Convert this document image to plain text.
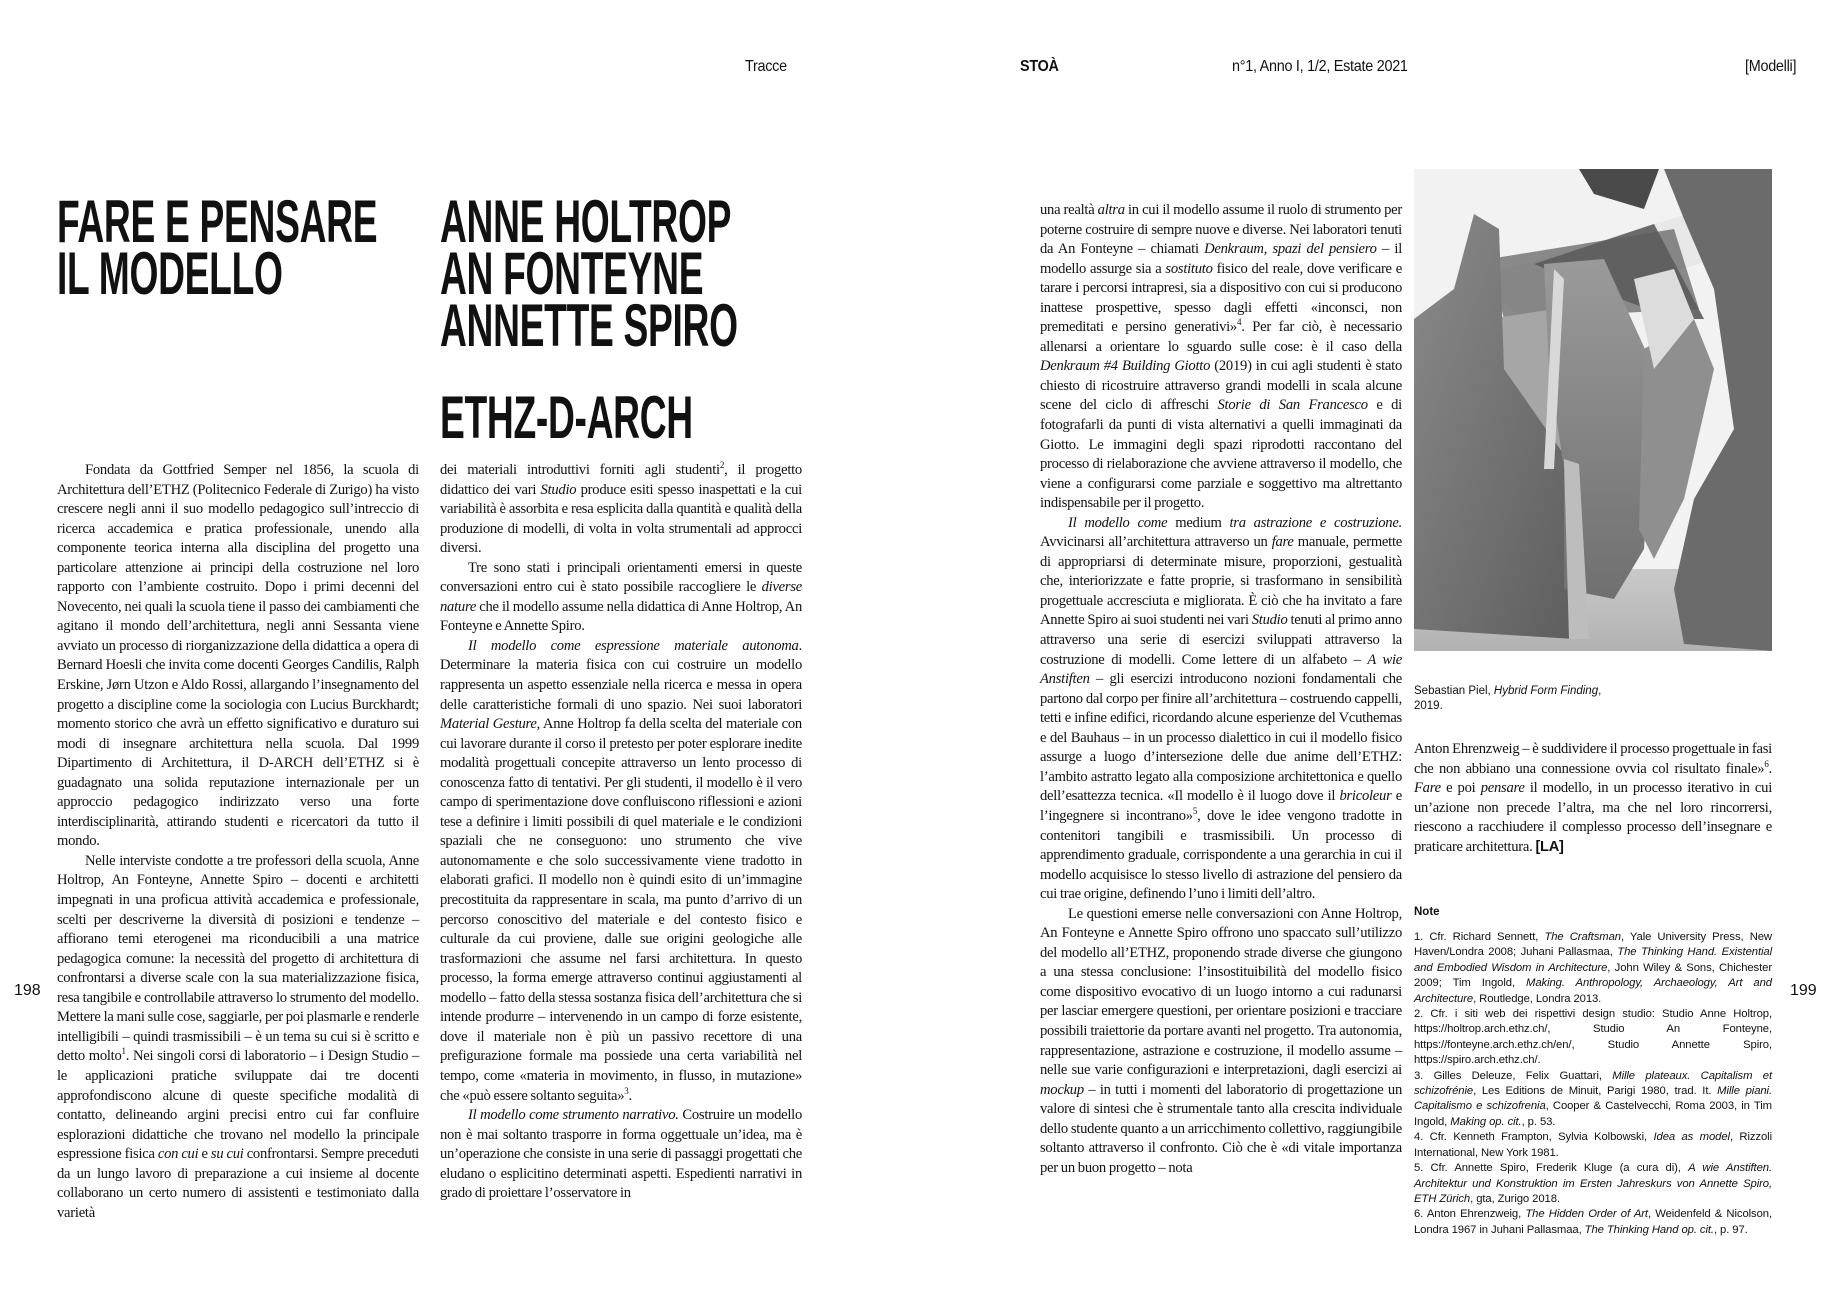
Tracce	STOÀ	n°1, Anno I, 1/2, Estate 2021	[Modelli]
198	199
FARE E PENSARE
IL MODELLO
ANNE HOLTROP
AN FONTEYNE
ANNETTE SPIRO
ETHZ-D-ARCH

Fondata da Gottfried Semper nel 1856, la scuola di Architettura dell’ETHZ (Politecnico Federale di Zurigo) ha visto crescere negli anni il suo modello pedagogico sull’intreccio di ricerca accademica e pratica professionale, unendo alla componente teorica interna alla disciplina del progetto una particolare attenzione ai principi della costruzione nel loro rapporto con l’ambiente costruito. Dopo i primi decenni del Novecento, nei quali la scuola tiene il passo dei cambiamenti che agitano il mondo dell’architettura, negli anni Sessanta viene avviato un processo di riorganizzazione della didattica a opera di Bernard Hoesli che invita come docenti Georges Candilis, Ralph Erskine, Jørn Utzon e Aldo Rossi, allargando l’insegnamento del progetto a discipline come la sociologia con Lucius Burckhardt; momento storico che avrà un effetto significativo e duraturo sui modi di insegnare architettura nella scuola. Dal 1999 Dipartimento di Architettura, il D-ARCH dell’ETHZ si è guadagnato una solida reputazione internazionale per un approccio pedagogico indirizzato verso una forte interdisciplinarità, attirando studenti e ricercatori da tutto il mondo.

Nelle interviste condotte a tre professori della scuola, Anne Holtrop, An Fonteyne, Annette Spiro – docenti e architetti impegnati in una proficua attività accademica e professionale, scelti per descriverne la diversità di posizioni e tendenze – affiorano temi eterogenei ma riconducibili a una matrice pedagogica comune: la necessità del progetto di architettura di confrontarsi a diverse scale con la sua materializzazione fisica, resa tangibile e controllabile attraverso lo strumento del modello. Mettere la mani sulle cose, saggiarle, per poi plasmarle e renderle intelligibili – quindi trasmissibili – è un tema su cui si è scritto e detto molto$^1$. Nei singoli corsi di laboratorio – i Design Studio – le applicazioni pratiche sviluppate dai tre docenti approfondiscono alcune di queste specifiche modalità di contatto, delineando argini precisi entro cui far confluire esplorazioni didattiche che trovano nel modello la principale espressione fisica con cui e su cui confrontarsi. Sempre preceduti da un lungo lavoro di preparazione a cui insieme al docente collaborano un certo numero di assistenti e testimoniato dalla varietà

dei materiali introduttivi forniti agli studenti$^2$, il progetto didattico dei vari Studio produce esiti spesso inaspettati e la cui variabilità è assorbita e resa esplicita dalla quantità e qualità della produzione di modelli, di volta in volta strumentali ad approcci diversi.

Tre sono stati i principali orientamenti emersi in queste conversazioni entro cui è stato possibile raccogliere le diverse nature che il modello assume nella didattica di Anne Holtrop, An Fonteyne e Annette Spiro.

Il modello come espressione materiale autonoma. Determinare la materia fisica con cui costruire un modello rappresenta un aspetto essenziale nella ricerca e messa in opera delle caratteristiche formali di uno spazio. Nei suoi laboratori Material Gesture, Anne Holtrop fa della scelta del materiale con cui lavorare durante il corso il pretesto per poter esplorare inedite modalità progettuali concepite attraverso un lento processo di conoscenza fatto di tentativi. Per gli studenti, il modello è il vero campo di sperimentazione dove confluiscono riflessioni e azioni tese a definire i limiti possibili di quel materiale e le condizioni spaziali che ne conseguono: uno strumento che vive autonomamente e che solo successivamente viene tradotto in elaborati grafici. Il modello non è quindi esito di un’immagine precostituita da rappresentare in scala, ma punto d’arrivo di un percorso conoscitivo del materiale e del contesto fisico e culturale da cui proviene, dalle sue origini geologiche alle trasformazioni che assume nel farsi architettura. In questo processo, la forma emerge attraverso continui aggiustamenti al modello – fatto della stessa sostanza fisica dell’architettura che si intende produrre – intervenendo in un campo di forze esistente, dove il materiale non è più un passivo recettore di una prefigurazione formale ma possiede una certa variabilità nel tempo, come «materia in movimento, in flusso, in mutazione» che «può essere soltanto seguita»$^3$.

Il modello come strumento narrativo. Costruire un modello non è mai soltanto trasporre in forma oggettuale un’idea, ma è un’operazione che consiste in una serie di passaggi progettati che eludano o esplicitino determinati aspetti. Espedienti narrativi in grado di proiettare l’osservatore in

una realtà altra in cui il modello assume il ruolo di strumento per poterne costruire di sempre nuove e diverse. Nei laboratori tenuti da An Fonteyne – chiamati Denkraum, spazi del pensiero – il modello assurge sia a sostituto fisico del reale, dove verificare e tarare i percorsi intrapresi, sia a dispositivo con cui si producono inattese prospettive, spesso dagli effetti «inconsci, non premeditati e persino generativi»$^4$. Per far ciò, è necessario allenarsi a orientare lo sguardo sulle cose: è il caso della Denkraum #4 Building Giotto (2019) in cui agli studenti è stato chiesto di ricostruire attraverso grandi modelli in scala alcune scene del ciclo di affreschi Storie di San Francesco e di fotografarli da punti di vista alternativi a quelli immaginati da Giotto. Le immagini degli spazi riprodotti raccontano del processo di rielaborazione che avviene attraverso il modello, che viene a configurarsi come parziale e soggettivo ma altrettanto indispensabile per il progetto.

Il modello come medium tra astrazione e costruzione. Avvicinarsi all’architettura attraverso un fare manuale, permette di appropriarsi di determinate misure, proporzioni, gestualità che, interiorizzate e fatte proprie, si trasformano in sensibilità progettuale accresciuta e migliorata. È ciò che ha invitato a fare Annette Spiro ai suoi studenti nei vari Studio tenuti al primo anno attraverso una serie di esercizi sviluppati attraverso la costruzione di modelli. Come lettere di un alfabeto – A wie Anstiften – gli esercizi introducono nozioni fondamentali che partono dal corpo per finire all’architettura – costruendo cappelli, tetti e infine edifici, ricordando alcune esperienze del Vcuthemas e del Bauhaus – in un processo dialettico in cui il modello fisico assurge a luogo d’intersezione delle due anime dell’ETHZ: l’ambito astratto legato alla composizione architettonica e quello dell’esattezza tecnica. «Il modello è il luogo dove il bricoleur e l’ingegnere si incontrano»$^5$, dove le idee vengono tradotte in contenitori tangibili e trasmissibili. Un processo di apprendimento graduale, corrispondente a una gerarchia in cui il modello acquisisce lo stesso livello di astrazione del pensiero da cui trae origine, definendo l’uno i limiti dell’altro.

Le questioni emerse nelle conversazioni con Anne Holtrop, An Fonteyne e Annette Spiro offrono uno spaccato sull’utilizzo del modello all’ETHZ, proponendo strade diverse che giungono a una stessa conclusione: l’insostituibilità del modello fisico come dispositivo evocativo di un luogo intorno a cui radunarsi per lasciar emergere questioni, per orientare posizioni e tracciare possibili traiettorie da portare avanti nel progetto. Tra autonomia, rappresentazione, astrazione e costruzione, il modello assume – nelle sue varie configurazioni e interpretazioni, dagli esercizi ai mockup – in tutti i momenti del laboratorio di progettazione un valore di sintesi che è strumentale tanto alla crescita individuale dello studente quanto a un arricchimento collettivo, raggiungibile soltanto attraverso il confronto. Ciò che è «di vitale importanza per un buon progetto – nota

Anton Ehrenzweig – è suddividere il processo progettuale in fasi che non abbiano una connessione ovvia col risultato finale»$^6$. Fare e poi pensare il modello, in un processo iterativo in cui un’azione non precede l’altra, ma che nel loro rincorrersi, riescono a racchiudere il complesso processo dell’insegnare e praticare architettura. [LA]

Sebastian Piel, Hybrid Form Finding, 2019.

Note

1. Cfr. Richard Sennett, The Craftsman, Yale University Press, New Haven/Londra 2008; Juhani Pallasmaa, The Thinking Hand. Existential and Embodied Wisdom in Architecture, John Wiley & Sons, Chichester 2009; Tim Ingold, Making. Anthropology, Archaeology, Art and Architecture, Routledge, Londra 2013.

2. Cfr. i siti web dei rispettivi design studio: Studio Anne Holtrop, https://holtrop.arch.ethz.ch/, Studio An Fonteyne, https://fonteyne.arch.ethz.ch/en/, Studio Annette Spiro, https://spiro.arch.ethz.ch/.

3. Gilles Deleuze, Felix Guattari, Mille plateaux. Capitalism et schizofrénie, Les Editions de Minuit, Parigi 1980, trad. It. Mille piani. Capitalismo e schizofrenia, Cooper & Castelvecchi, Roma 2003, in Tim Ingold, Making op. cit., p. 53.

4. Cfr. Kenneth Frampton, Sylvia Kolbowski, Idea as model, Rizzoli International, New York 1981.

5. Cfr. Annette Spiro, Frederik Kluge (a cura di), A wie Anstiften. Architektur und Konstruktion im Ersten Jahreskurs von Annette Spiro, ETH Zürich, gta, Zurigo 2018.

6. Anton Ehrenzweig, The Hidden Order of Art, Weidenfeld & Nicolson, Londra 1967 in Juhani Pallasmaa, The Thinking Hand op. cit., p. 97.
